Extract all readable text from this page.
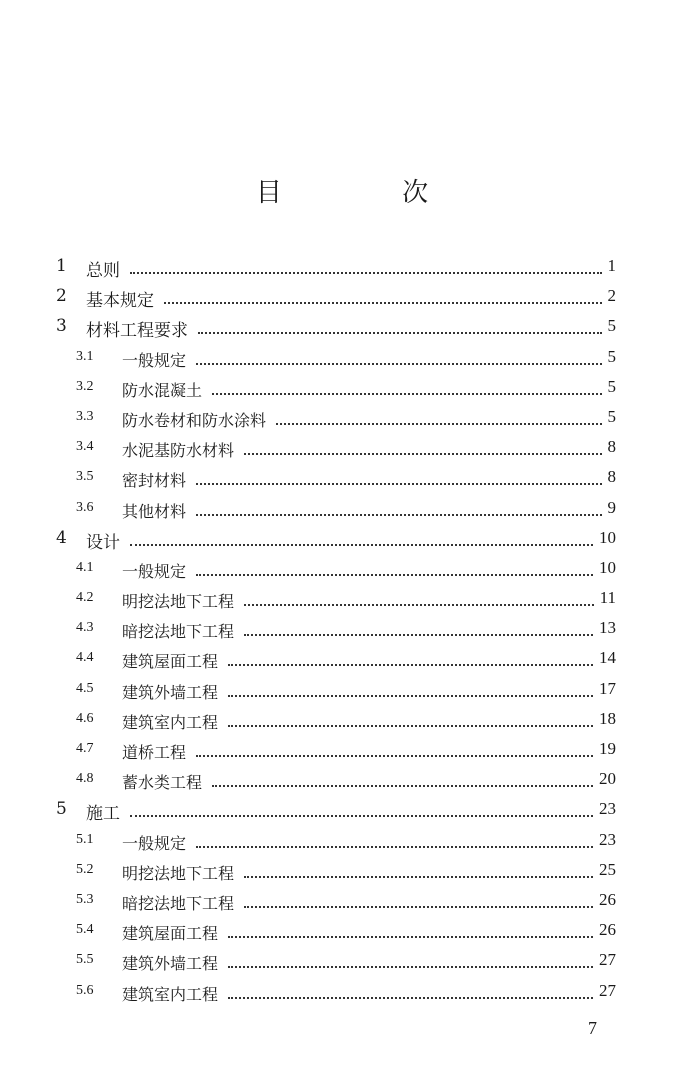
目 次
1 总则	1
2 基本规定	2
3 材料工程要求	5
3.1 一般规定	5
3.2 防水混凝土	5
3.3 防水卷材和防水涂料	5
3.4 水泥基防水材料	8
3.5 密封材料	8
3.6 其他材料	9
4 设计	10
4.1 一般规定	10
4.2 明挖法地下工程	11
4.3 暗挖法地下工程	13
4.4 建筑屋面工程	14
4.5 建筑外墙工程	17
4.6 建筑室内工程	18
4.7 道桥工程	19
4.8 蓄水类工程	20
5 施工	23
5.1 一般规定	23
5.2 明挖法地下工程	25
5.3 暗挖法地下工程	26
5.4 建筑屋面工程	26
5.5 建筑外墙工程	27
5.6 建筑室内工程	27
7
